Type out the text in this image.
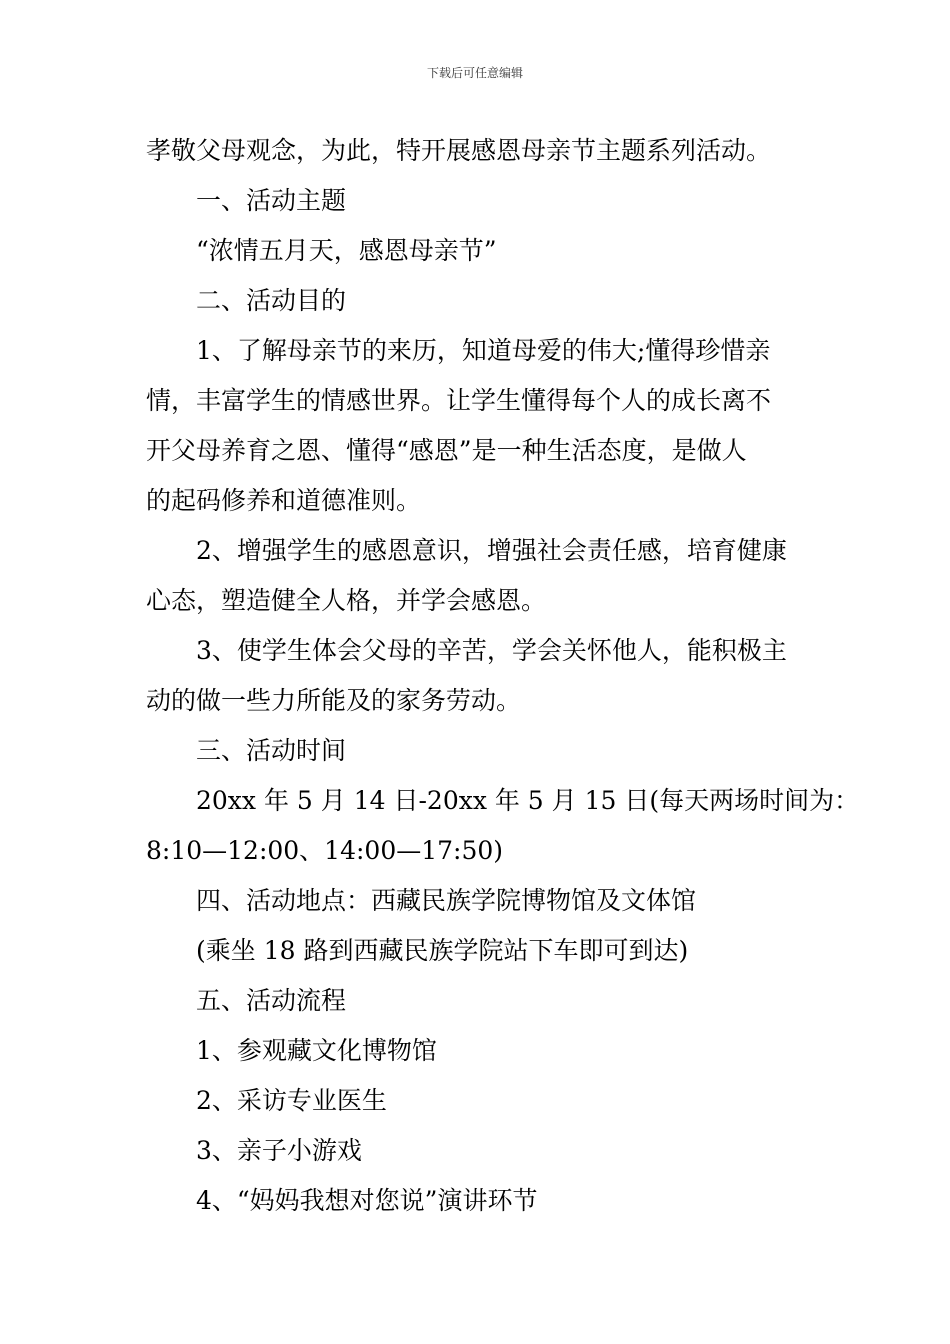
下载后可任意编辑

孝敬父母观念，为此，特开展感恩母亲节主题系列活动。

一、活动主题

“浓情五月天，感恩母亲节”

二、活动目的

1、了解母亲节的来历，知道母爱的伟大;懂得珍惜亲

情，丰富学生的情感世界。让学生懂得每个人的成长离不

开父母养育之恩、懂得“感恩”是一种生活态度，是做人

的起码修养和道德准则。

2、增强学生的感恩意识，增强社会责任感，培育健康

心态，塑造健全人格，并学会感恩。

3、使学生体会父母的辛苦，学会关怀他人，能积极主

动的做一些力所能及的家务劳动。

三、活动时间

20xx 年 5 月 14 日-20xx 年 5 月 15 日(每天两场时间为：

8:10—12:00、14:00—17:50)

四、活动地点：西藏民族学院博物馆及文体馆

(乘坐 18 路到西藏民族学院站下车即可到达)

五、活动流程

1、参观藏文化博物馆

2、采访专业医生

3、亲子小游戏

4、“妈妈我想对您说”演讲环节
